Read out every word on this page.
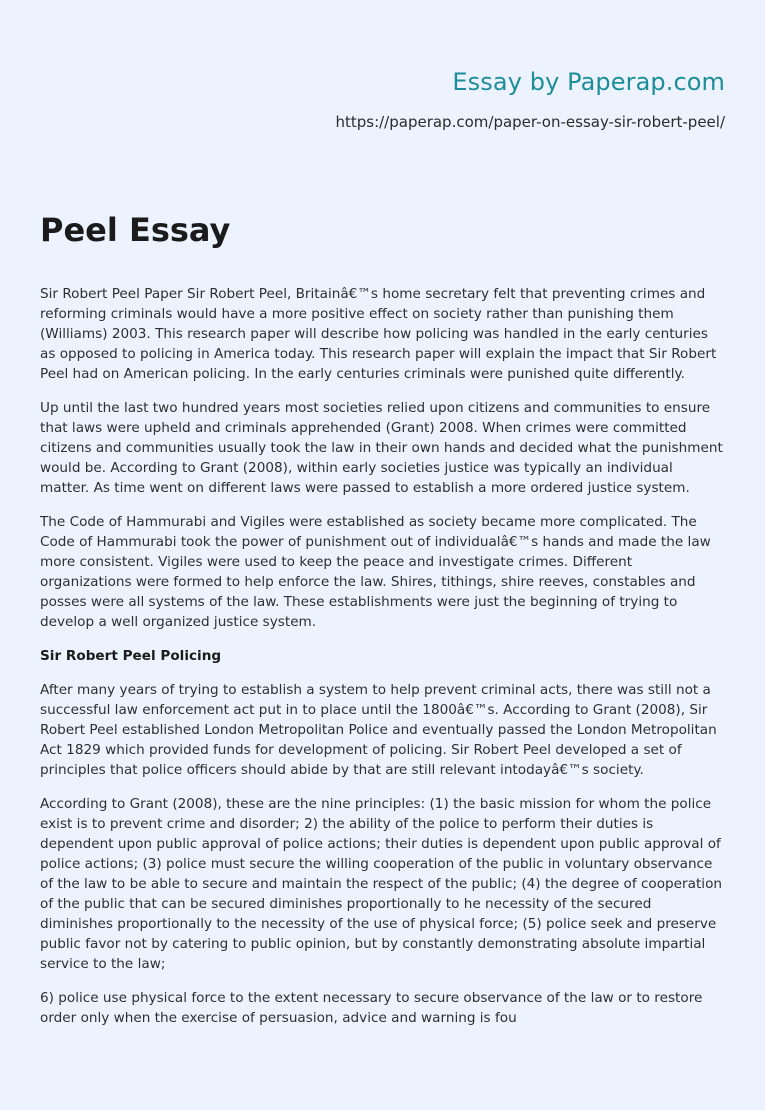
Essay by Paperap.com
https://paperap.com/paper-on-essay-sir-robert-peel/
Peel Essay

Sir Robert Peel Paper Sir Robert Peel, Britainâ€™s home secretary felt that preventing crimes and reforming criminals would have a more positive effect on society rather than punishing them (Williams) 2003. This research paper will describe how policing was handled in the early centuries as opposed to policing in America today. This research paper will explain the impact that Sir Robert Peel had on American policing. In the early centuries criminals were punished quite differently.

Up until the last two hundred years most societies relied upon citizens and communities to ensure that laws were upheld and criminals apprehended (Grant) 2008. When crimes were committed citizens and communities usually took the law in their own hands and decided what the punishment would be. According to Grant (2008), within early societies justice was typically an individual matter. As time went on different laws were passed to establish a more ordered justice system.

The Code of Hammurabi and Vigiles were established as society became more complicated. The Code of Hammurabi took the power of punishment out of individualâ€™s hands and made the law more consistent. Vigiles were used to keep the peace and investigate crimes. Different organizations were formed to help enforce the law. Shires, tithings, shire reeves, constables and posses were all systems of the law. These establishments were just the beginning of trying to develop a well organized justice system.

Sir Robert Peel Policing

After many years of trying to establish a system to help prevent criminal acts, there was still not a successful law enforcement act put in to place until the 1800â€™s. According to Grant (2008), Sir Robert Peel established London Metropolitan Police and eventually passed the London Metropolitan Act 1829 which provided funds for development of policing. Sir Robert Peel developed a set of principles that police officers should abide by that are still relevant intodayâ€™s society.

According to Grant (2008), these are the nine principles: (1) the basic mission for whom the police exist is to prevent crime and disorder; 2) the ability of the police to perform their duties is dependent upon public approval of police actions; their duties is dependent upon public approval of police actions; (3) police must secure the willing cooperation of the public in voluntary observance of the law to be able to secure and maintain the respect of the public; (4) the degree of cooperation of the public that can be secured diminishes proportionally to he necessity of the secured diminishes proportionally to the necessity of the use of physical force; (5) police seek and preserve public favor not by catering to public opinion, but by constantly demonstrating absolute impartial service to the law;

6) police use physical force to the extent necessary to secure observance of the law or to restore order only when the exercise of persuasion, advice and warning is fou
